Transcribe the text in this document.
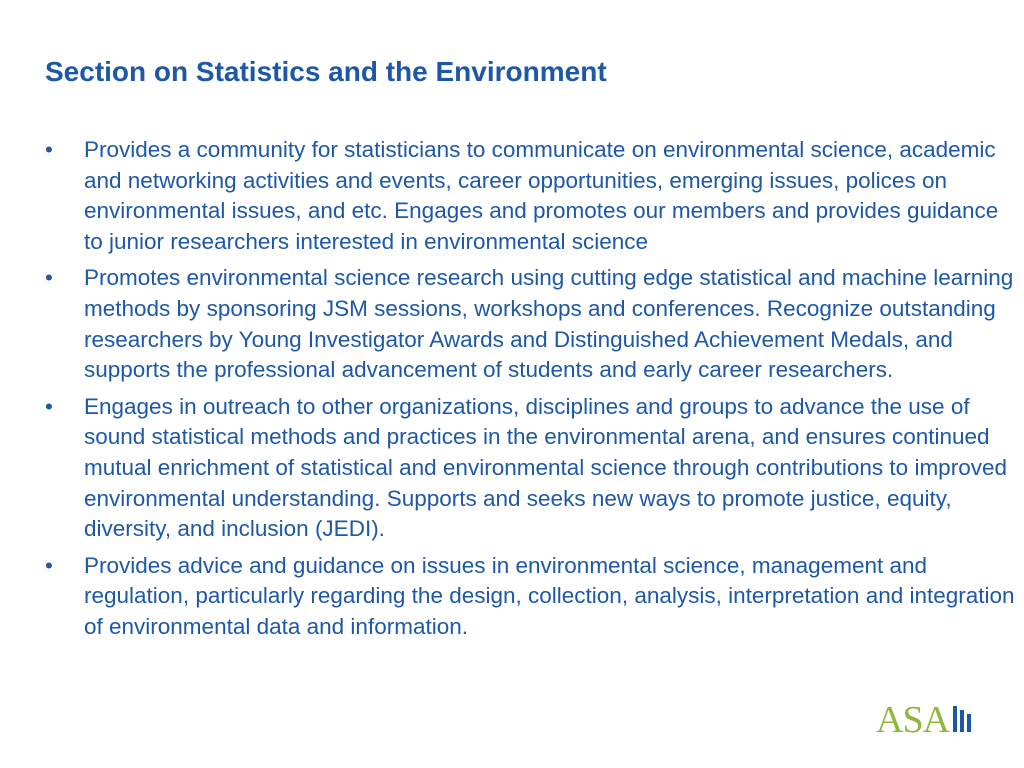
Section on Statistics and the Environment
• Provides a community for statisticians to communicate on environmental science, academic and networking activities and events, career opportunities, emerging issues, polices on environmental issues, and etc. Engages and promotes our members and provides guidance to junior researchers interested in environmental science
• Promotes environmental science research using cutting edge statistical and machine learning methods by sponsoring JSM sessions, workshops and conferences. Recognize outstanding researchers by Young Investigator Awards and Distinguished Achievement Medals, and supports the professional advancement of students and early career researchers.
• Engages in outreach to other organizations, disciplines and groups to advance the use of sound statistical methods and practices in the environmental arena, and ensures continued mutual enrichment of statistical and environmental science through contributions to improved environmental understanding. Supports and seeks new ways to promote justice, equity, diversity, and inclusion (JEDI).
• Provides advice and guidance on issues in environmental science, management and regulation, particularly regarding the design, collection, analysis, interpretation and integration of environmental data and information.
ASA
